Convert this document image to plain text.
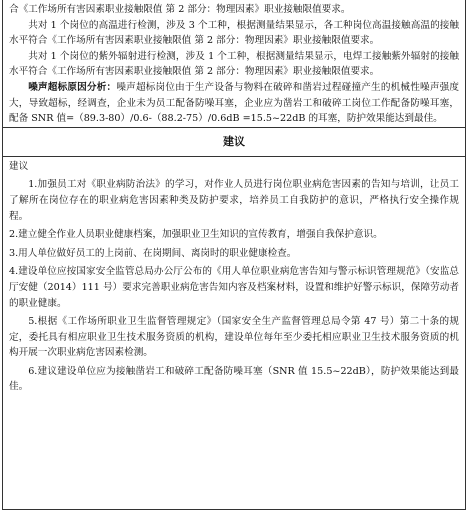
合《工作场所有害因素职业接触限值 第 2 部分：物理因素》职业接触限值要求。

共对 1 个岗位的高温进行检测，涉及 3 个工种，根据测量结果显示，各工种岗位高温接触高温的接触水平符合《工作场所有害因素职业接触限值 第 2 部分：物理因素》职业接触限值要求。

共对 1 个岗位的紫外辐射进行检测，涉及 1 个工种，根据测量结果显示，电焊工接触紫外辐射的接触水平符合《工作场所有害因素职业接触限值 第 2 部分：物理因素》职业接触限值要求。

噪声超标原因分析：噪声超标岗位由于生产设备与物料在破碎和凿岩过程碰撞产生的机械性噪声强度大，导致超标，经调查，企业未为员工配备防噪耳塞，企业应为凿岩工和破碎工岗位工作配备防噪耳塞，配备 SNR 值=（89.3-80）/0.6-（88.2-75）/0.6dB =15.5~22dB 的耳塞，防护效果能达到最佳。

建议

建议

1.加强员工对《职业病防治法》的学习，对作业人员进行岗位职业病危害因素的告知与培训，让员工了解所在岗位存在的职业病危害因素种类及防护要求，培养员工自我防护的意识，严格执行安全操作规程。

2.建立健全作业人员职业健康档案，加强职业卫生知识的宣传教育，增强自我保护意识。

3.用人单位做好员工的上岗前、在岗期间、离岗时的职业健康检查。

4.建设单位应按国家安全监管总局办公厅公布的《用人单位职业病危害告知与警示标识管理规范》（安监总厅安健（2014）111 号）要求完善职业病危害告知内容及档案材料，设置和维护好警示标识，保障劳动者的职业健康。

5.根据《工作场所职业卫生监督管理规定》（国家安全生产监督管理总局令第 47 号）第二十条的规定，委托具有相应职业卫生技术服务资质的机构，建设单位每年至少委托相应职业卫生技术服务资质的机构开展一次职业病危害因素检测。

6.建议建设单位应为接触凿岩工和破碎工配备防噪耳塞（SNR 值 15.5~22dB），防护效果能达到最佳。
